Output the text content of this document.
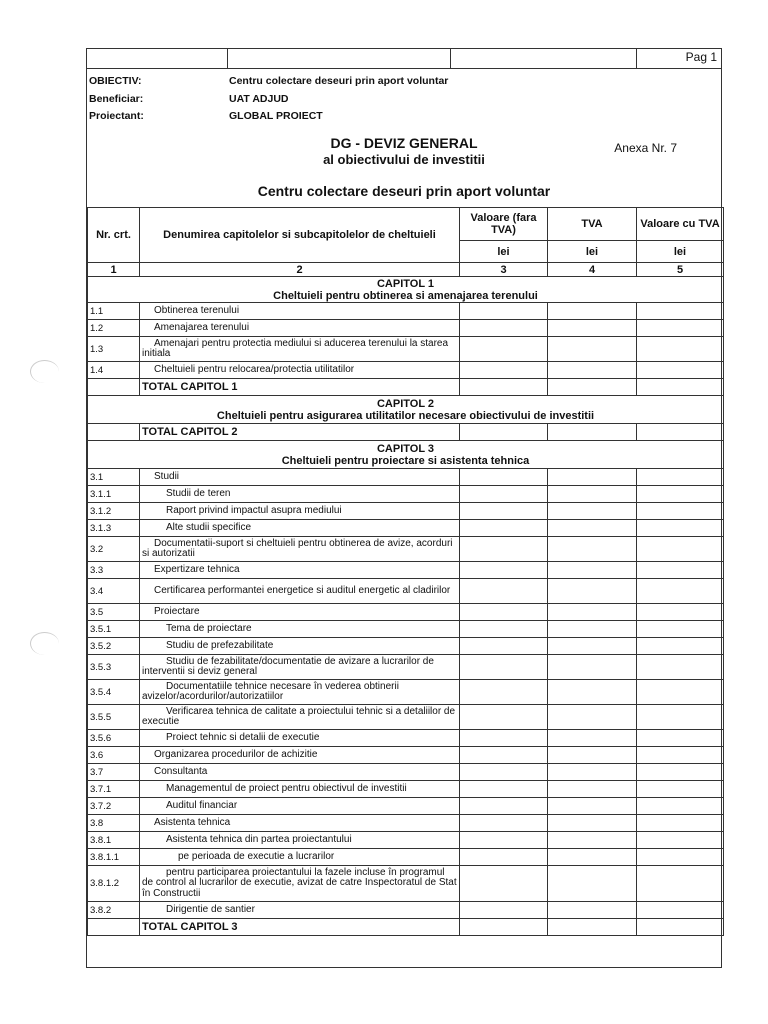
Pag 1
OBIECTIV:	Centru colectare deseuri prin aport voluntar
Beneficiar:	UAT ADJUD
Proiectant:	GLOBAL PROIECT
DG - DEVIZ GENERAL
al obiectivului de investitii
Anexa Nr. 7
Centru colectare deseuri prin aport voluntar
Nr. crt.	Denumirea capitolelor si subcapitolelor de cheltuieli	Valoare (fara TVA)	TVA	Valoare cu TVA
		lei	lei	lei
1	2	3	4	5

CAPITOL 1
Cheltuieli pentru obtinerea si amenajarea terenului				

1.1	Obtinerea terenului			
1.2	Amenajarea terenului			
1.3	Amenajari pentru protectia mediului si aducerea terenului la starea initiala			
1.4	Cheltuieli pentru relocarea/protectia utilitatilor			
	TOTAL CAPITOL 1			

CAPITOL 2
Cheltuieli pentru asigurarea utilitatilor necesare obiectivului de investitii				

	TOTAL CAPITOL 2			

CAPITOL 3
Cheltuieli pentru proiectare si asistenta tehnica				

3.1	Studii			
3.1.1	Studii de teren			
3.1.2	Raport privind impactul asupra mediului			
3.1.3	Alte studii specifice			
3.2	Documentatii-suport si cheltuieli pentru obtinerea de avize, acorduri si autorizatii			
3.3	Expertizare tehnica			
3.4	Certificarea performantei energetice si auditul energetic al cladirilor			
3.5	Proiectare			
3.5.1	Tema de proiectare			
3.5.2	Studiu de prefezabilitate			
3.5.3	Studiu de fezabilitate/documentatie de avizare a lucrarilor de interventii si deviz general			
3.5.4	Documentatiile tehnice necesare în vederea obtinerii avizelor/acordurilor/autorizatiilor			
3.5.5	Verificarea tehnica de calitate a proiectului tehnic si a detaliilor de executie			
3.5.6	Proiect tehnic si detalii de executie			
3.6	Organizarea procedurilor de achizitie			
3.7	Consultanta			
3.7.1	Managementul de proiect pentru obiectivul de investitii			
3.7.2	Auditul financiar			
3.8	Asistenta tehnica			
3.8.1	Asistenta tehnica din partea proiectantului			
3.8.1.1	pe perioada de executie a lucrarilor			
3.8.1.2	pentru participarea proiectantului la fazele incluse în programul de control al lucrarilor de executie, avizat de catre Inspectoratul de Stat în Constructii			
3.8.2	Dirigentie de santier			
	TOTAL CAPITOL 3			
